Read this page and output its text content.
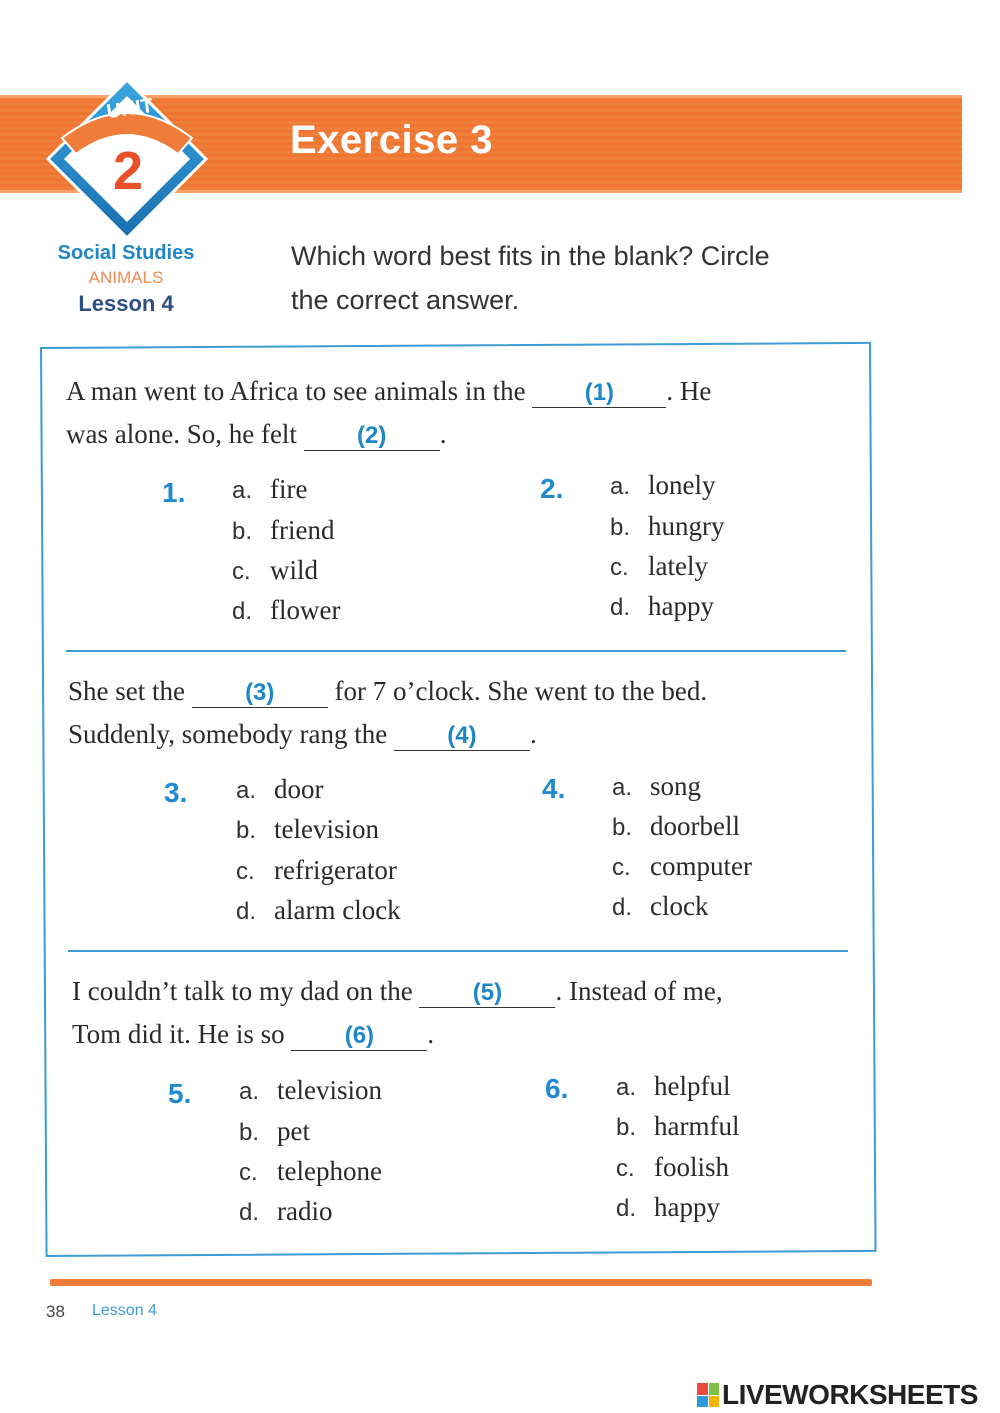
Exercise 3
UNIT
2
Social Studies
ANIMALS
Lesson 4
Which word best fits in the blank? Circle
the correct answer.
A man went to Africa to see animals in the (1) . He
was alone. So, he felt	(2) .
1. a. fire
b. friend
c. wild
d. flower
2. a. lonely
b. hungry
c. lately
d. happy
She set the	(3) for 7 o’clock. She went to the bed.
Suddenly, somebody rang the	(4) .
3. a. door
b. television
c. refrigerator
d. alarm clock
4. a. song
b. doorbell
c. computer
d. clock
I couldn’t talk to my dad on the	(5) . Instead of me,
Tom did it. He is so	(6) .
5. a. television
b. pet
c. telephone
d. radio
6. a. helpful
b. harmful
c. foolish
d. happy
38 Lesson 4
LIVEWORKSHEETS
